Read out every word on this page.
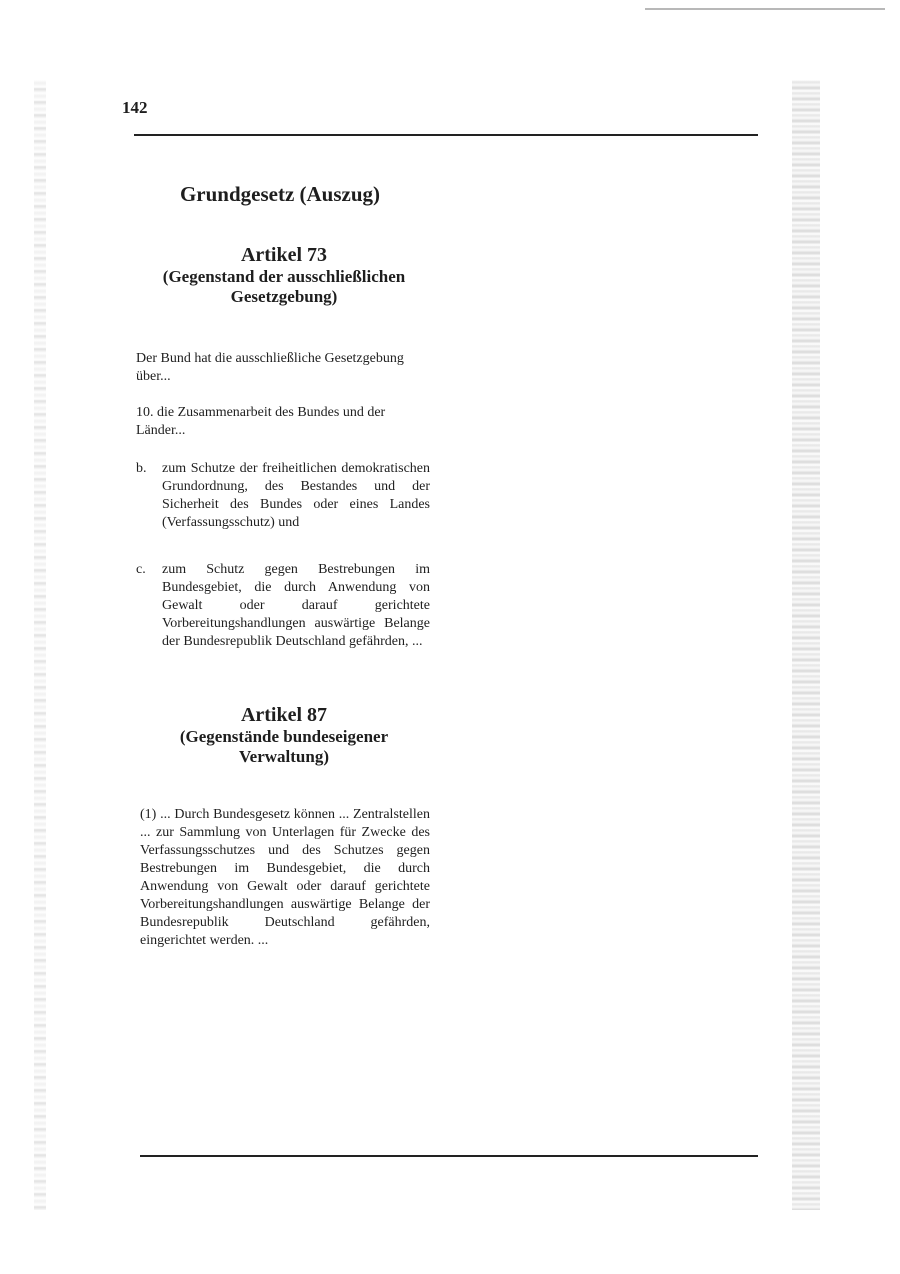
142
Grundgesetz (Auszug)
Artikel 73
(Gegenstand der ausschließlichen Gesetzgebung)

Der Bund hat die ausschließliche Gesetzgebung über...

10. die Zusammenarbeit des Bundes und der Länder...

b.	zum Schutze der freiheitlichen demokratischen Grundordnung, des Bestandes und der Sicherheit des Bundes oder eines Landes (Verfassungsschutz) und
c.	zum Schutz gegen Bestrebungen im Bundesgebiet, die durch Anwendung von Gewalt oder darauf gerichtete Vorbereitungshandlungen auswärtige Belange der Bundesrepublik Deutschland gefährden, ...
Artikel 87
(Gegenstände bundeseigener Verwaltung)

(1) ... Durch Bundesgesetz können ... Zentralstellen ... zur Sammlung von Unterlagen für Zwecke des Verfassungsschutzes und des Schutzes gegen Bestrebungen im Bundesgebiet, die durch Anwendung von Gewalt oder darauf gerichtete Vorbereitungshandlungen auswärtige Belange der Bundesrepublik Deutschland gefährden, eingerichtet werden. ...
